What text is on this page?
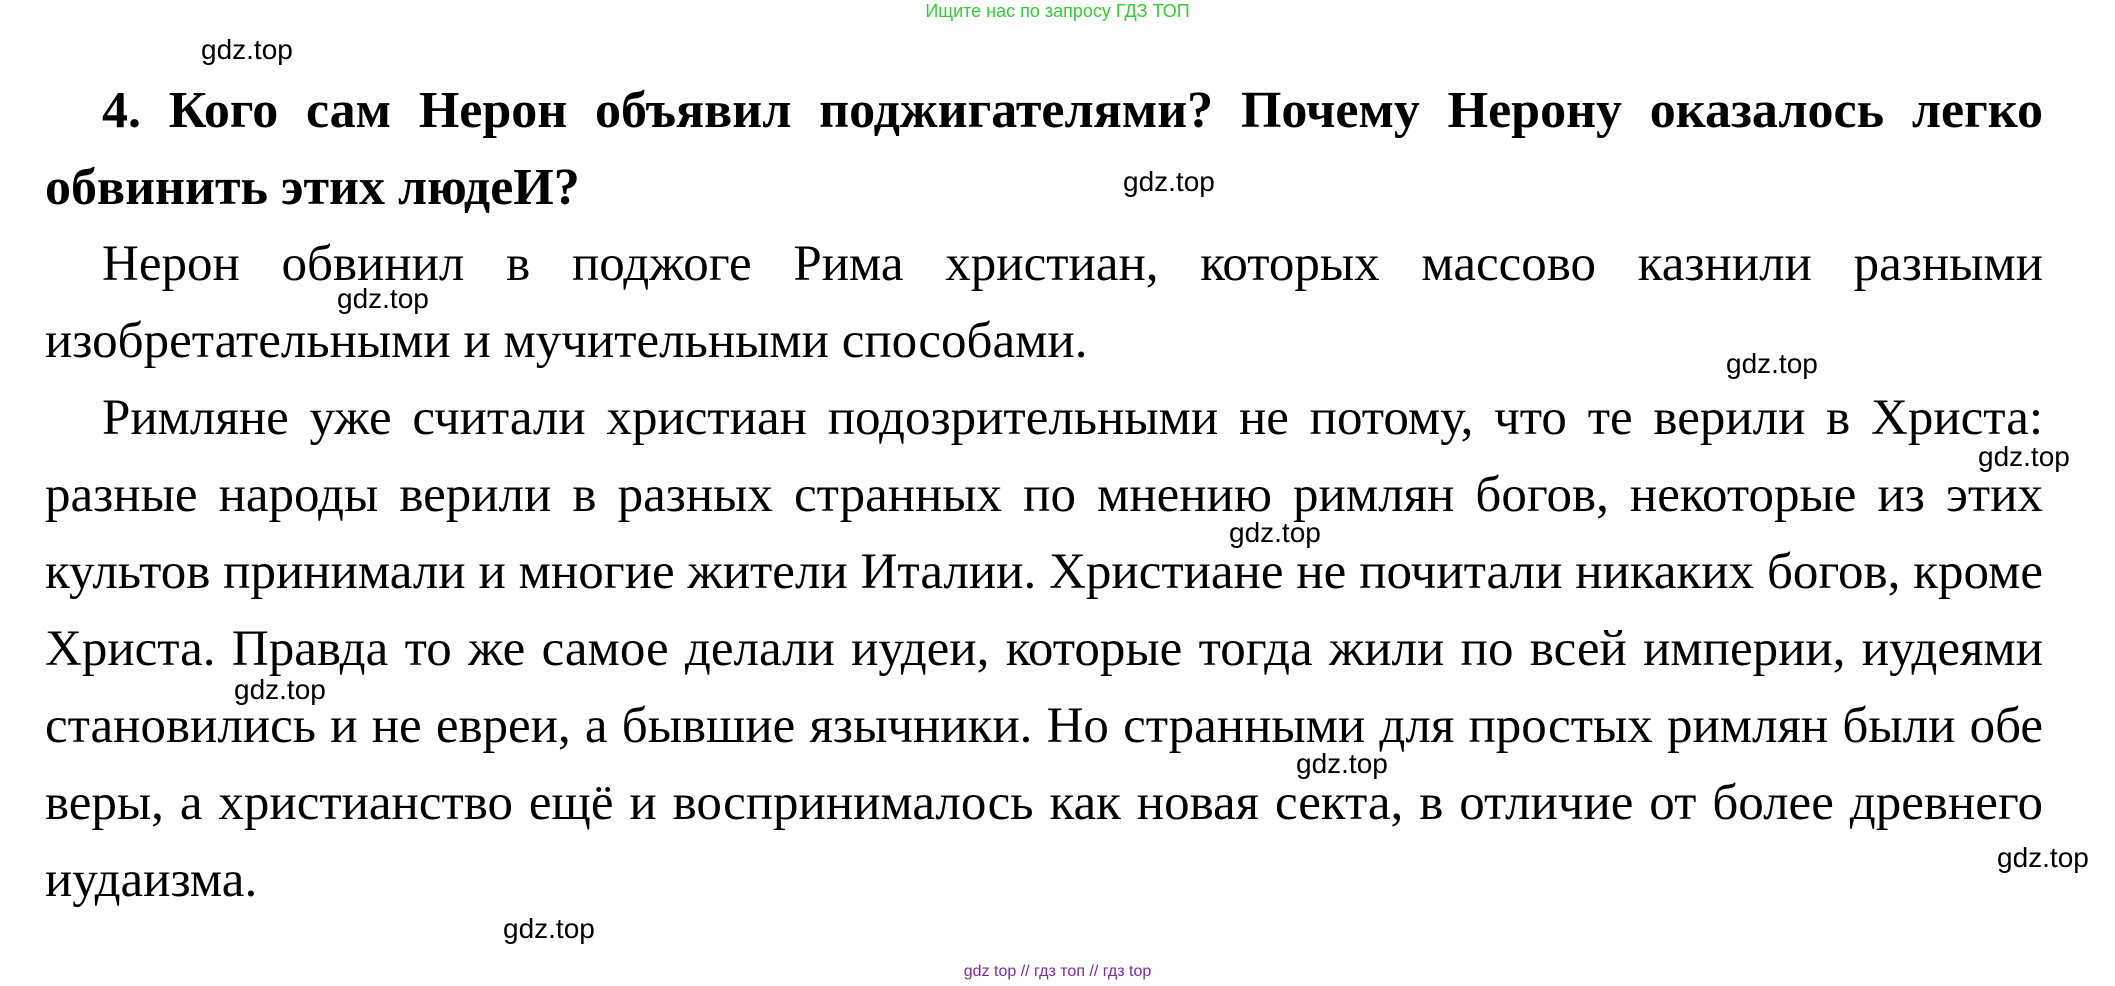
Ищите нас по запросу ГДЗ ТОП

4. Кого сам Нерон объявил поджигателями? Почему Нерону оказалось легко обвинить этих людеИ?

Нерон обвинил в поджоге Рима христиан, которых массово казнили разными изобретательными и мучительными способами.

Римляне уже считали христиан подозрительными не потому, что те верили в Христа: разные народы верили в разных странных по мнению римлян богов, некоторые из этих культов принимали и многие жители Италии. Христиане не почитали никаких богов, кроме Христа. Правда то же самое делали иудеи, которые тогда жили по всей империи, иудеями становились и не евреи, а бывшие язычники. Но странными для простых римлян были обе веры, а христианство ещё и воспринималось как новая секта, в отличие от более древнего иудаизма.

gdz.top
gdz.top
gdz.top
gdz.top
gdz.top
gdz.top
gdz.top
gdz.top
gdz.top
gdz.top
gdz top // гдз топ // гдз top
